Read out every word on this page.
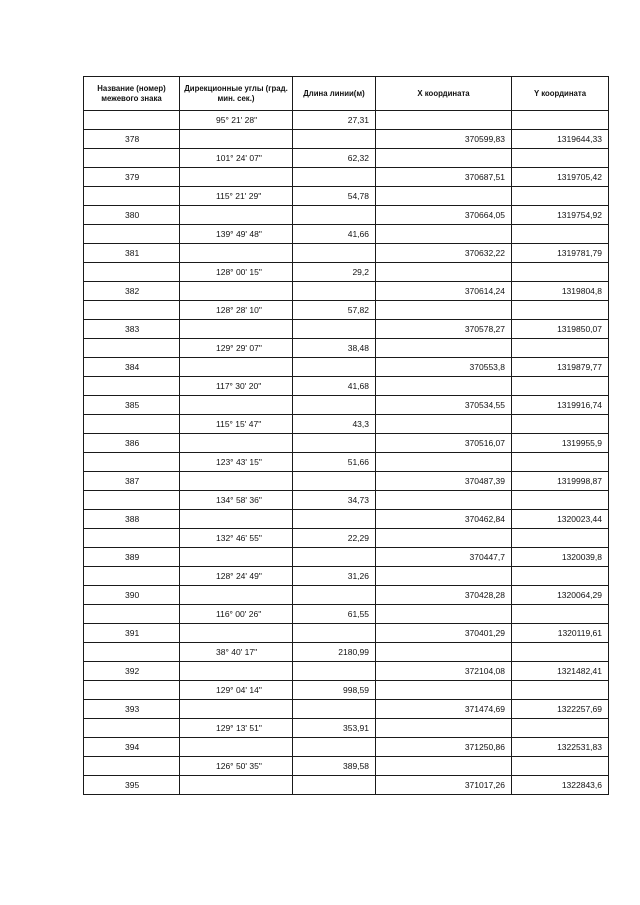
Название (номер) межевого знака	Дирекционные углы (град. мин. сек.)	Длина линии(м)	X координата	Y координата
	95° 21' 28"	27,31		
378			370599,83	1319644,33
	101° 24' 07"	62,32		
379			370687,51	1319705,42
	115° 21' 29"	54,78		
380			370664,05	1319754,92
	139° 49' 48"	41,66		
381			370632,22	1319781,79
	128° 00' 15"	29,2		
382			370614,24	1319804,8
	128° 28' 10"	57,82		
383			370578,27	1319850,07
	129° 29' 07"	38,48		
384			370553,8	1319879,77
	117° 30' 20"	41,68		
385			370534,55	1319916,74
	115° 15' 47"	43,3		
386			370516,07	1319955,9
	123° 43' 15"	51,66		
387			370487,39	1319998,87
	134° 58' 36"	34,73		
388			370462,84	1320023,44
	132° 46' 55"	22,29		
389			370447,7	1320039,8
	128° 24' 49"	31,26		
390			370428,28	1320064,29
	116° 00' 26"	61,55		
391			370401,29	1320119,61
	38° 40' 17"	2180,99		
392			372104,08	1321482,41
	129° 04' 14"	998,59		
393			371474,69	1322257,69
	129° 13' 51"	353,91		
394			371250,86	1322531,83
	126° 50' 35"	389,58		
395			371017,26	1322843,6
